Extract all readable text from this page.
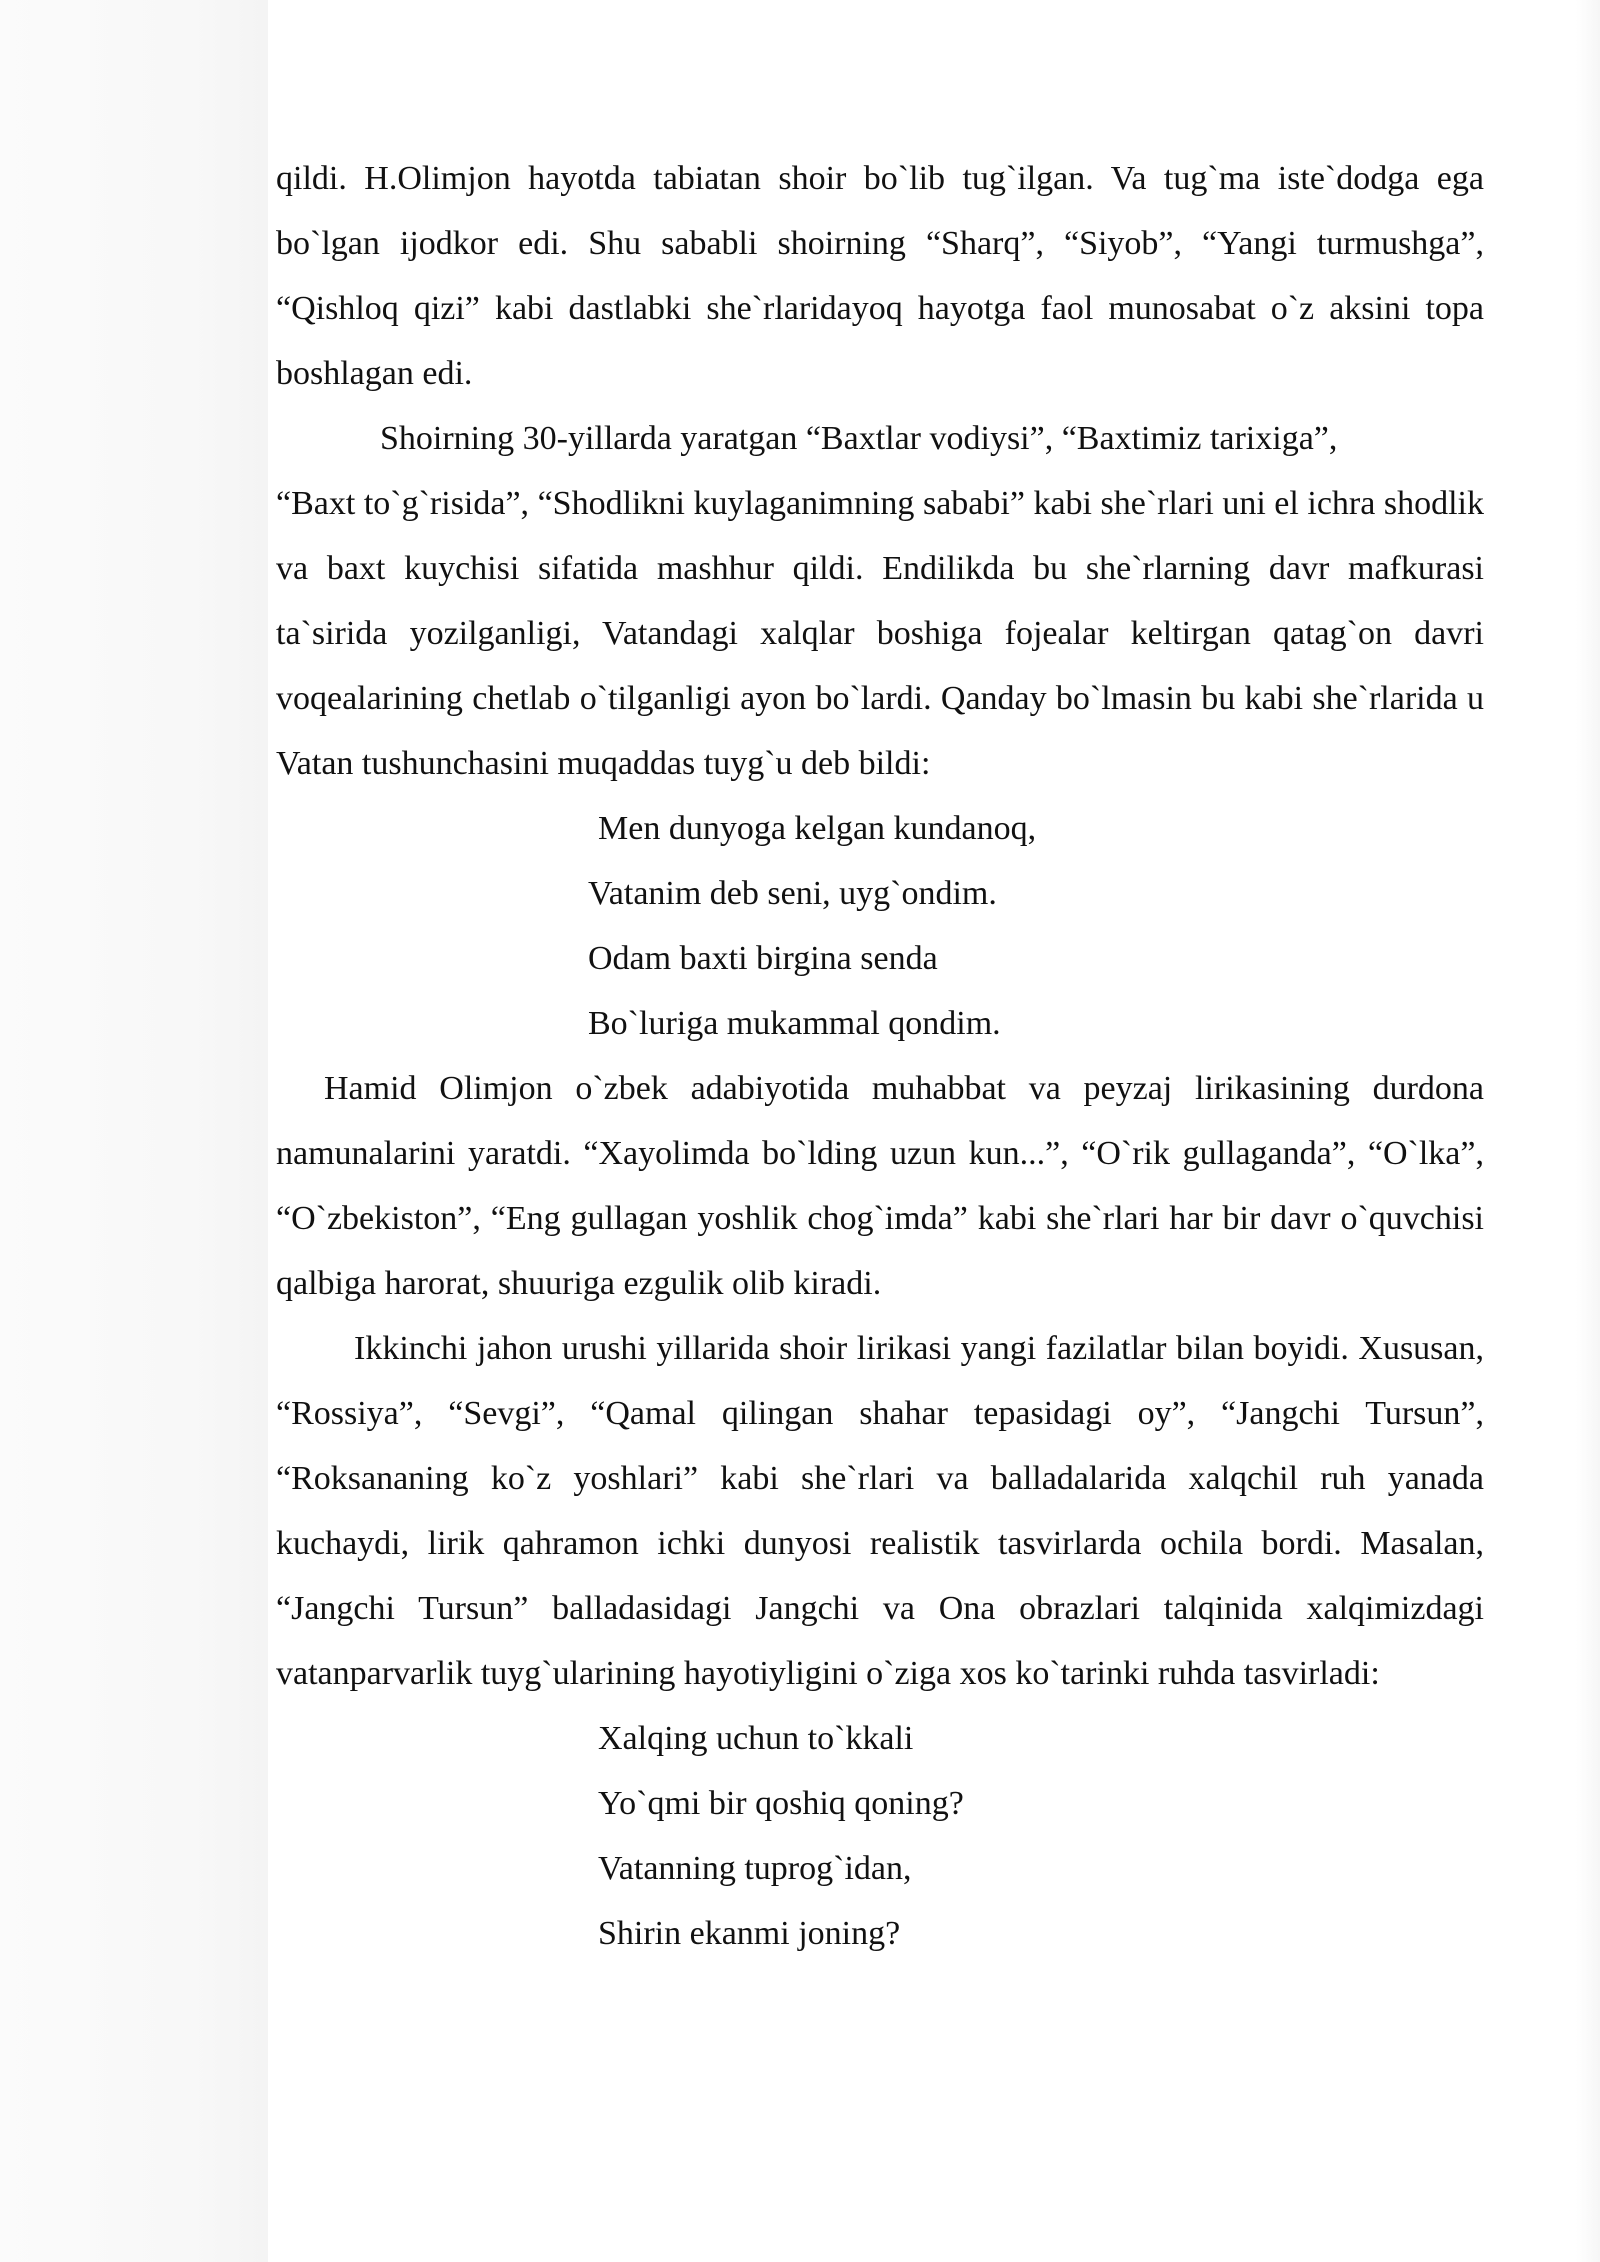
qildi. H.Olimjon hayotda tabiatan shoir bo`lib tug`ilgan. Va tug`ma iste`dodga ega bo`lgan ijodkor edi. Shu sababli shoirning “Sharq”, “Siyob”, “Yangi turmushga”, “Qishloq qizi” kabi dastlabki she`rlaridayoq hayotga faol munosabat o`z aksini topa boshlagan edi.

Shoirning 30-yillarda yaratgan “Baxtlar vodiysi”, “Baxtimiz tarixiga”,
“Baxt to`g`risida”, “Shodlikni kuylaganimning sababi” kabi she`rlari uni el ichra shodlik va baxt kuychisi sifatida mashhur qildi. Endilikda bu she`rlarning davr mafkurasi ta`sirida yozilganligi, Vatandagi xalqlar boshiga fojealar keltirgan qatag`on davri voqealarining chetlab o`tilganligi ayon bo`lardi. Qanday bo`lmasin bu kabi she`rlarida u Vatan tushunchasini muqaddas tuyg`u deb bildi:

Men dunyoga kelgan kundanoq,
Vatanim deb seni, uyg`ondim.
Odam baxti birgina senda
Bo`luriga mukammal qondim.

Hamid Olimjon o`zbek adabiyotida muhabbat va peyzaj lirikasining durdona namunalarini yaratdi. “Xayolimda bo`lding uzun kun...”, “O`rik gullaganda”, “O`lka”, “O`zbekiston”, “Eng gullagan yoshlik chog`imda” kabi she`rlari har bir davr o`quvchisi qalbiga harorat, shuuriga ezgulik olib kiradi.

Ikkinchi jahon urushi yillarida shoir lirikasi yangi fazilatlar bilan boyidi. Xususan, “Rossiya”, “Sevgi”, “Qamal qilingan shahar tepasidagi oy”, “Jangchi Tursun”, “Roksananing ko`z yoshlari” kabi she`rlari va balladalarida xalqchil ruh yanada kuchaydi, lirik qahramon ichki dunyosi realistik tasvirlarda ochila bordi. Masalan, “Jangchi Tursun” balladasidagi Jangchi va Ona obrazlari talqinida xalqimizdagi vatanparvarlik tuyg`ularining hayotiyligini o`ziga xos ko`tarinki ruhda tasvirladi:

Xalqing uchun to`kkali
Yo`qmi bir qoshiq qoning?
Vatanning tuprog`idan,
Shirin ekanmi joning?
